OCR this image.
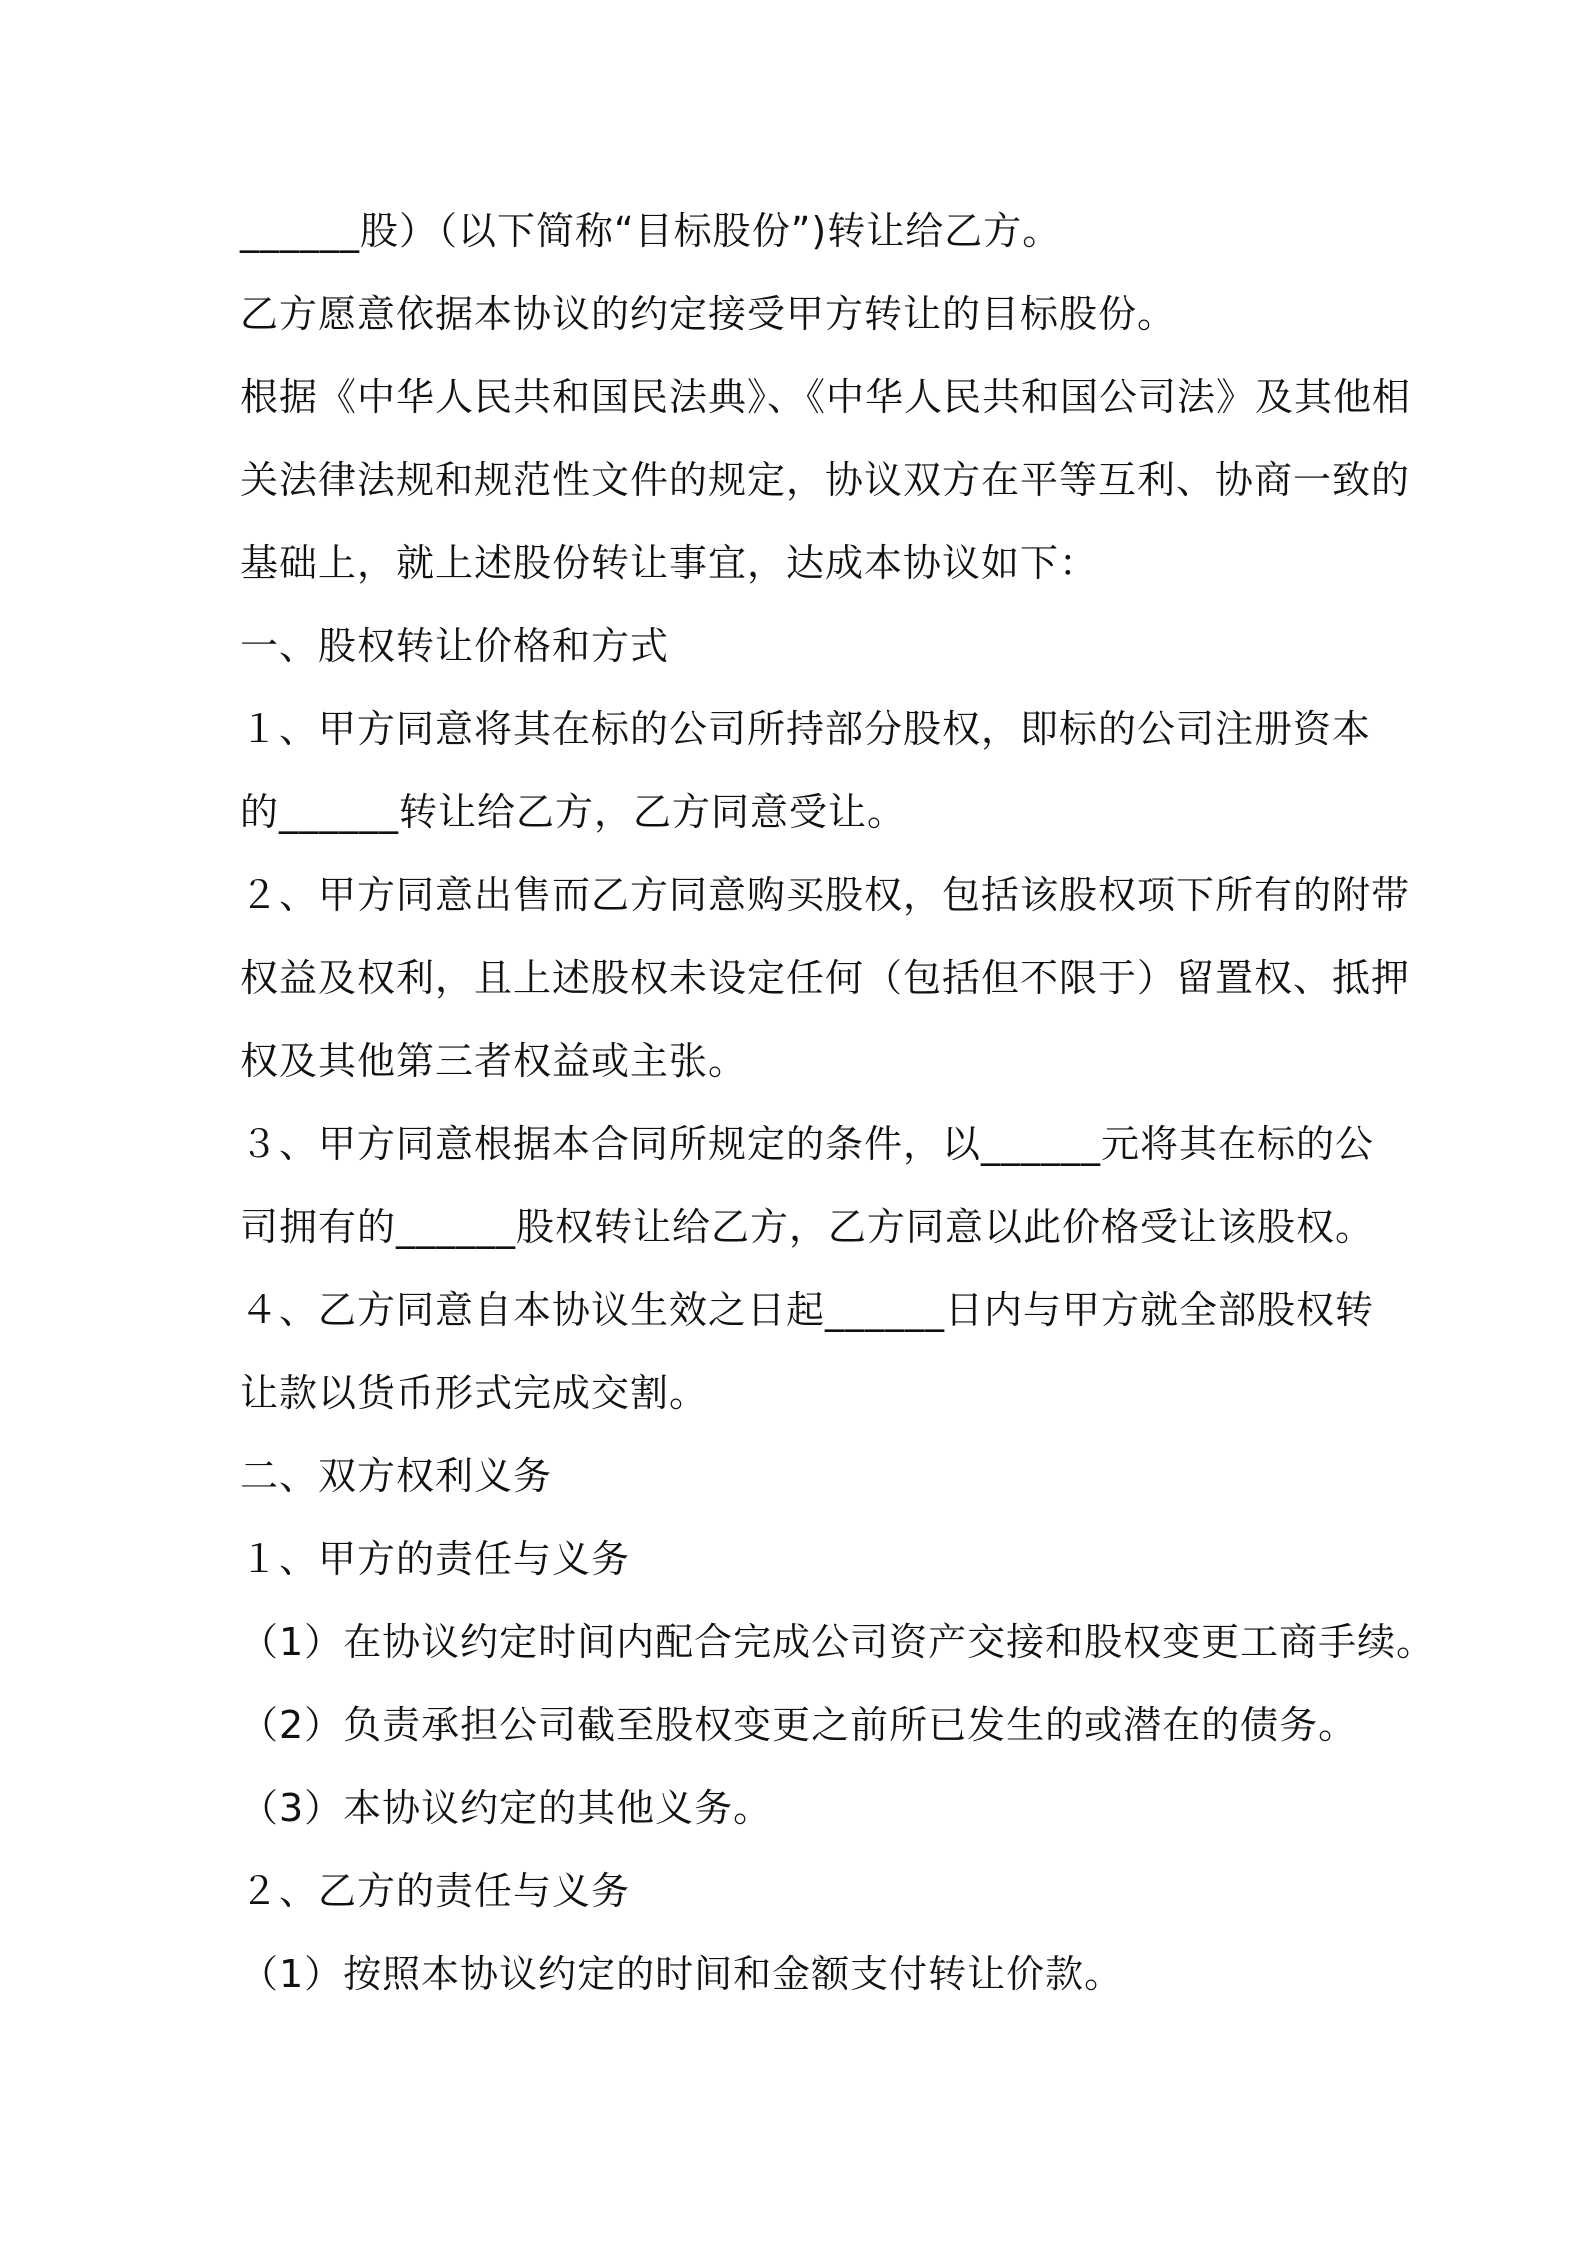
______股）（以下简称“目标股份”)转让给乙方。
乙方愿意依据本协议的约定接受甲方转让的目标股份。
根据《中华人民共和国民法典》、《中华人民共和国公司法》及其他相
关法律法规和规范性文件的规定，协议双方在平等互利、协商一致的
基础上，就上述股份转让事宜，达成本协议如下：
一、股权转让价格和方式
１、甲方同意将其在标的公司所持部分股权，即标的公司注册资本
的______转让给乙方，乙方同意受让。
２、甲方同意出售而乙方同意购买股权，包括该股权项下所有的附带
权益及权利，且上述股权未设定任何（包括但不限于）留置权、抵押
权及其他第三者权益或主张。
３、甲方同意根据本合同所规定的条件，以______元将其在标的公
司拥有的______股权转让给乙方，乙方同意以此价格受让该股权。
４、乙方同意自本协议生效之日起______日内与甲方就全部股权转
让款以货币形式完成交割。
二、双方权利义务
１、甲方的责任与义务
（1）在协议约定时间内配合完成公司资产交接和股权变更工商手续。
（2）负责承担公司截至股权变更之前所已发生的或潜在的债务。
（3）本协议约定的其他义务。
２、乙方的责任与义务
（1）按照本协议约定的时间和金额支付转让价款。
